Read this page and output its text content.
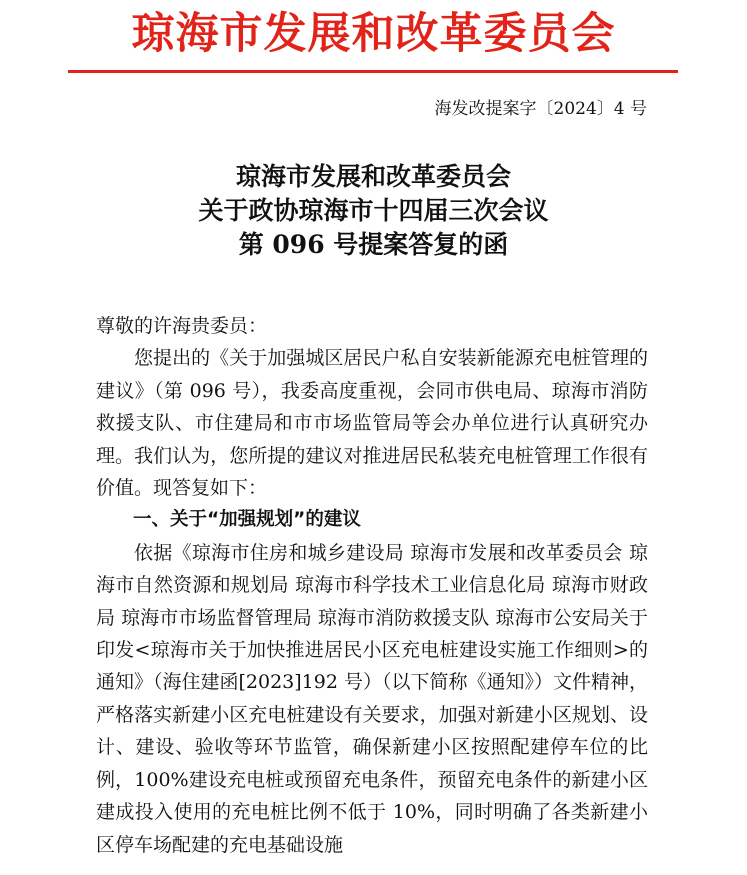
琼海市发展和改革委员会
海发改提案字〔2024〕4 号
琼海市发展和改革委员会
关于政协琼海市十四届三次会议
第 096 号提案答复的函

尊敬的许海贵委员：

您提出的《关于加强城区居民户私自安装新能源充电桩管理的建议》（第 096 号），我委高度重视，会同市供电局、琼海市消防救援支队、市住建局和市市场监管局等会办单位进行认真研究办理。我们认为，您所提的建议对推进居民私装充电桩管理工作很有价值。现答复如下：

一、关于“加强规划”的建议

依据《琼海市住房和城乡建设局 琼海市发展和改革委员会 琼海市自然资源和规划局 琼海市科学技术工业信息化局 琼海市财政局 琼海市市场监督管理局 琼海市消防救援支队 琼海市公安局关于印发<琼海市关于加快推进居民小区充电桩建设实施工作细则>的通知》（海住建函[2023]192 号）（以下简称《通知》）文件精神，严格落实新建小区充电桩建设有关要求，加强对新建小区规划、设计、建设、验收等环节监管，确保新建小区按照配建停车位的比例，100%建设充电桩或预留充电条件，预留充电条件的新建小区建成投入使用的充电桩比例不低于 10%，同时明确了各类新建小区停车场配建的充电基础设施
